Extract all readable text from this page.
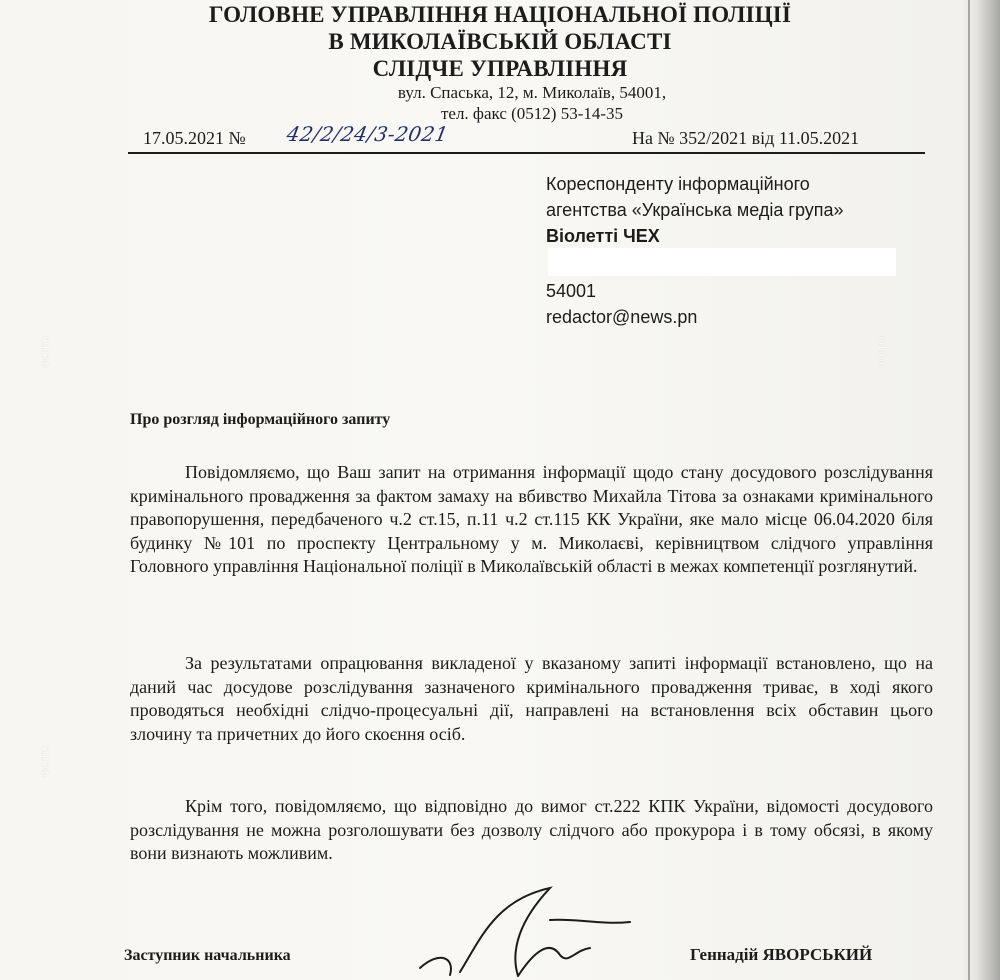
ГОЛОВНЕ УПРАВЛІННЯ НАЦІОНАЛЬНОЇ ПОЛІЦІЇ
В МИКОЛАЇВСЬКІЙ ОБЛАСТІ
СЛІДЧЕ УПРАВЛІННЯ
вул. Спаська, 12, м. Миколаїв, 54001,
тел. факс (0512) 53-14-35
17.05.2021 № 42/2/24/3-2021	На № 352/2021 від 11.05.2021
Кореспонденту інформаційного
агентства «Українська медіа група»
Віолетті ЧЕХ
54001
redactor@news.pn
ФОТО	ФОТО
ФОТО
Про розгляд інформаційного запиту

Повідомляємо, що Ваш запит на отримання інформації щодо стану досудового розслідування кримінального провадження за фактом замаху на вбивство Михайла Тітова за ознаками кримінального правопорушення, передбаченого ч.2 ст.15, п.11 ч.2 ст.115 КК України, яке мало місце 06.04.2020 біля будинку №101 по проспекту Центральному у м. Миколаєві, керівництвом слідчого управління Головного управління Національної поліції в Миколаївській області в межах компетенції розглянутий.

За результатами опрацювання викладеної у вказаному запиті інформації встановлено, що на даний час досудове розслідування зазначеного кримінального провадження триває, в ході якого проводяться необхідні слідчо-процесуальні дії, направлені на встановлення всіх обставин цього злочину та причетних до його скоєння осіб.

Крім того, повідомляємо, що відповідно до вимог ст.222 КПК України, відомості досудового розслідування не можна розголошувати без дозволу слідчого або прокурора і в тому обсязі, в якому вони визнають можливим.

Заступник начальника	Геннадій ЯВОРСЬКИЙ
